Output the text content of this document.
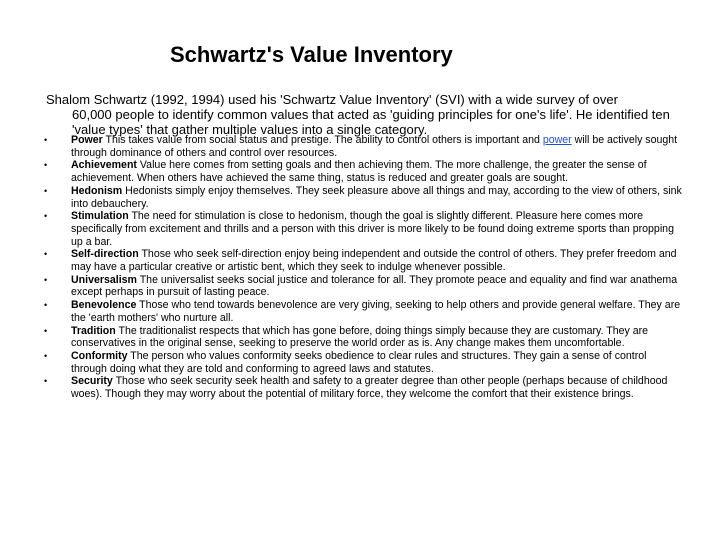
Schwartz's Value Inventory
Shalom Schwartz (1992, 1994) used his 'Schwartz Value Inventory' (SVI) with a wide survey of over
60,000 people to identify common values that acted as 'guiding principles for one's life'. He identified ten 'value types' that gather multiple values into a single category.
• Power This takes value from social status and prestige. The ability to control others is important and power will be actively sought through dominance of others and control over resources.
• Achievement Value here comes from setting goals and then achieving them. The more challenge, the greater the sense of achievement. When others have achieved the same thing, status is reduced and greater goals are sought.
• Hedonism Hedonists simply enjoy themselves. They seek pleasure above all things and may, according to the view of others, sink into debauchery.
• Stimulation The need for stimulation is close to hedonism, though the goal is slightly different. Pleasure here comes more specifically from excitement and thrills and a person with this driver is more likely to be found doing extreme sports than propping up a bar.
• Self-direction Those who seek self-direction enjoy being independent and outside the control of others. They prefer freedom and may have a particular creative or artistic bent, which they seek to indulge whenever possible.
• Universalism The universalist seeks social justice and tolerance for all. They promote peace and equality and find war anathema except perhaps in pursuit of lasting peace.
• Benevolence Those who tend towards benevolence are very giving, seeking to help others and provide general welfare. They are the 'earth mothers' who nurture all.
• Tradition The traditionalist respects that which has gone before, doing things simply because they are customary. They are conservatives in the original sense, seeking to preserve the world order as is. Any change makes them uncomfortable.
• Conformity The person who values conformity seeks obedience to clear rules and structures. They gain a sense of control through doing what they are told and conforming to agreed laws and statutes.
• Security Those who seek security seek health and safety to a greater degree than other people (perhaps because of childhood woes). Though they may worry about the potential of military force, they welcome the comfort that their existence brings.
